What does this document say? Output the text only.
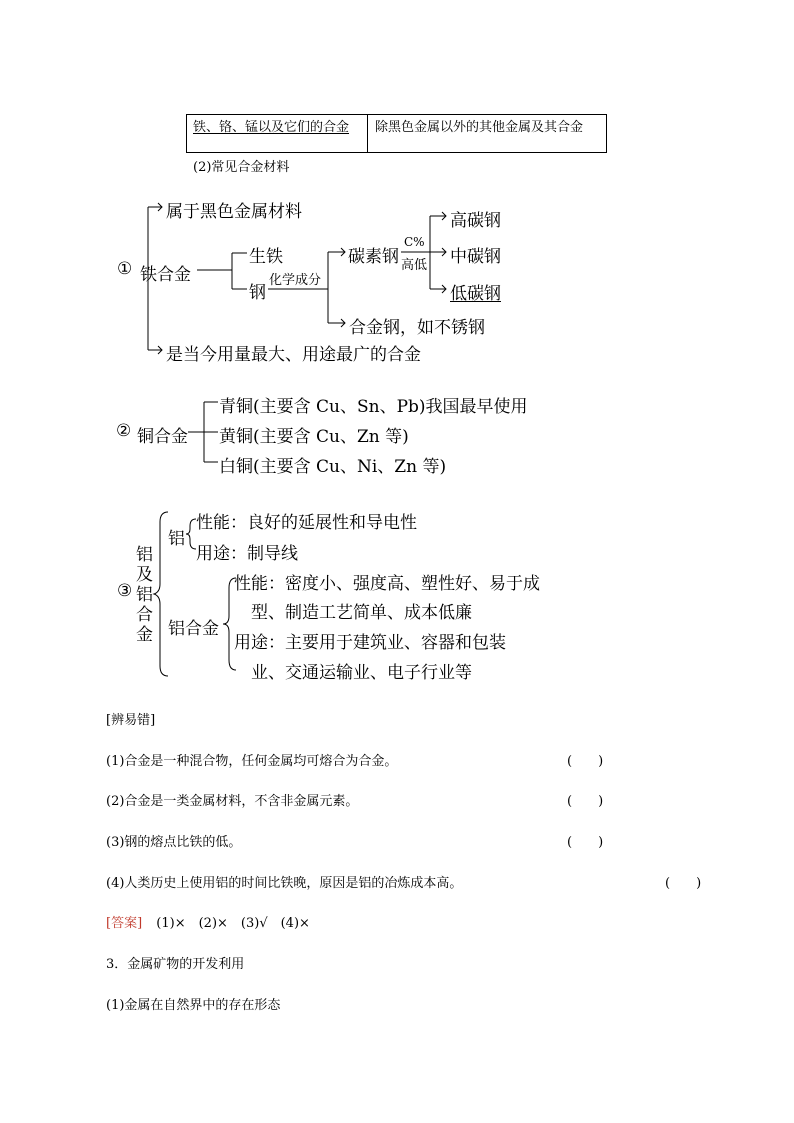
铁、铬、锰以及它们的合金 除黑色金属以外的其他金属及其合金
(2)常见合金材料
① 铁合金
属于黑色金属材料
生铁
钢
化学成分
碳素钢
C%
高低
高碳钢
中碳钢
低碳钢
合金钢，如不锈钢
是当今用量最大、用途最广的合金
② 铜合金
青铜(主要含 Cu、Sn、Pb)我国最早使用
黄铜(主要含 Cu、Zn 等)
白铜(主要含 Cu、Ni、Zn 等)
③
铝
及
铝
合
金
铝
性能：良好的延展性和导电性
用途：制导线
铝合金
性能：密度小、强度高、塑性好、易于成
型、制造工艺简单、成本低廉
用途：主要用于建筑业、容器和包装
业、交通运输业、电子行业等
[辨易错]
(1)合金是一种混合物，任何金属均可熔合为合金。	(　　)
(2)合金是一类金属材料，不含非金属元素。	(　　)
(3)钢的熔点比铁的低。	(　　)
(4)人类历史上使用铝的时间比铁晚，原因是铝的冶炼成本高。	(　　)
[答案] (1)×　(2)×　(3)√　(4)×
3．金属矿物的开发利用
(1)金属在自然界中的存在形态
